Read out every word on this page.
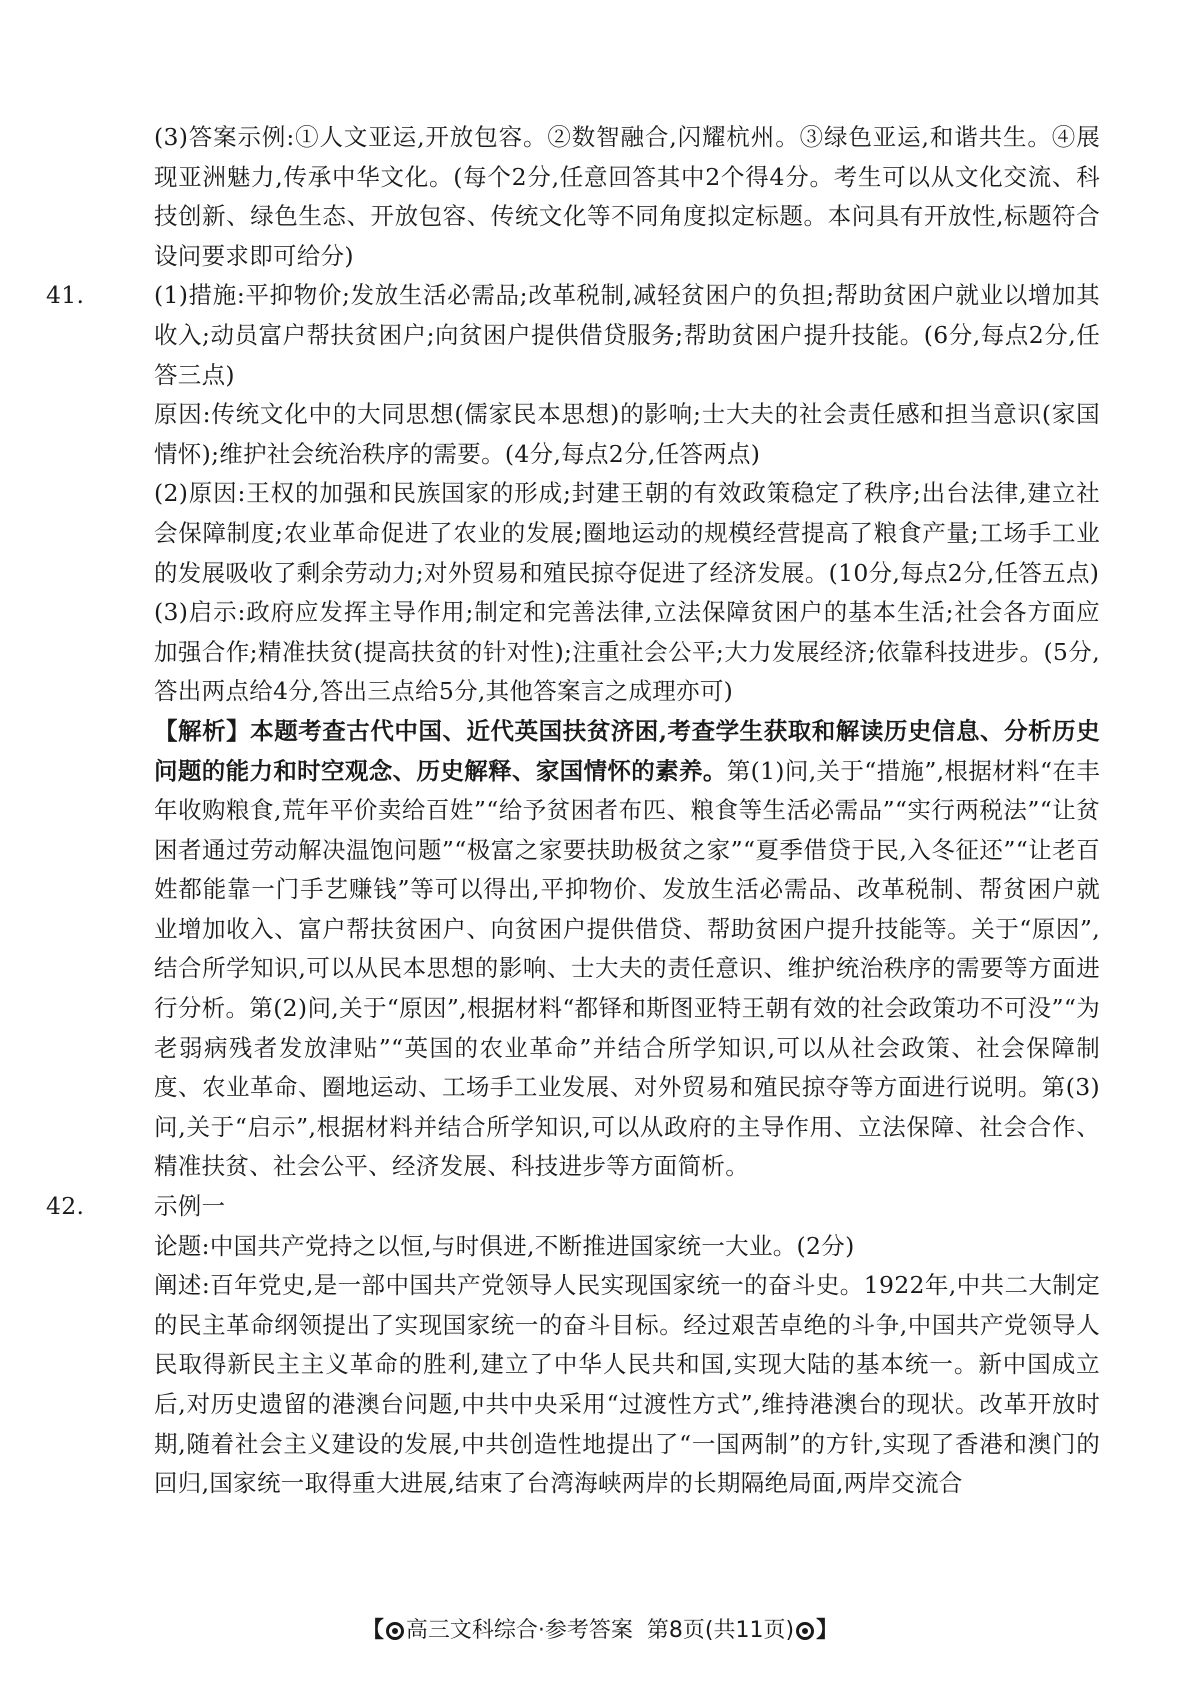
(3)答案示例:①人文亚运,开放包容。②数智融合,闪耀杭州。③绿色亚运,和谐共生。④展现亚洲魅力,传承中华文化。(每个2分,任意回答其中2个得4分。考生可以从文化交流、科技创新、绿色生态、开放包容、传统文化等不同角度拟定标题。本问具有开放性,标题符合设问要求即可给分)
41.	(1)措施:平抑物价;发放生活必需品;改革税制,减轻贫困户的负担;帮助贫困户就业以增加其收入;动员富户帮扶贫困户;向贫困户提供借贷服务;帮助贫困户提升技能。(6分,每点2分,任答三点)
原因:传统文化中的大同思想(儒家民本思想)的影响;士大夫的社会责任感和担当意识(家国情怀);维护社会统治秩序的需要。(4分,每点2分,任答两点)
(2)原因:王权的加强和民族国家的形成;封建王朝的有效政策稳定了秩序;出台法律,建立社会保障制度;农业革命促进了农业的发展;圈地运动的规模经营提高了粮食产量;工场手工业的发展吸收了剩余劳动力;对外贸易和殖民掠夺促进了经济发展。(10分,每点2分,任答五点)
(3)启示:政府应发挥主导作用;制定和完善法律,立法保障贫困户的基本生活;社会各方面应加强合作;精准扶贫(提高扶贫的针对性);注重社会公平;大力发展经济;依靠科技进步。(5分,答出两点给4分,答出三点给5分,其他答案言之成理亦可)
【解析】本题考查古代中国、近代英国扶贫济困,考查学生获取和解读历史信息、分析历史问题的能力和时空观念、历史解释、家国情怀的素养。第(1)问,关于“措施”,根据材料“在丰年收购粮食,荒年平价卖给百姓”“给予贫困者布匹、粮食等生活必需品”“实行两税法”“让贫困者通过劳动解决温饱问题”“极富之家要扶助极贫之家”“夏季借贷于民,入冬征还”“让老百姓都能靠一门手艺赚钱”等可以得出,平抑物价、发放生活必需品、改革税制、帮贫困户就业增加收入、富户帮扶贫困户、向贫困户提供借贷、帮助贫困户提升技能等。关于“原因”,结合所学知识,可以从民本思想的影响、士大夫的责任意识、维护统治秩序的需要等方面进行分析。第(2)问,关于“原因”,根据材料“都铎和斯图亚特王朝有效的社会政策功不可没”“为老弱病残者发放津贴”“英国的农业革命”并结合所学知识,可以从社会政策、社会保障制度、农业革命、圈地运动、工场手工业发展、对外贸易和殖民掠夺等方面进行说明。第(3)问,关于“启示”,根据材料并结合所学知识,可以从政府的主导作用、立法保障、社会合作、精准扶贫、社会公平、经济发展、科技进步等方面简析。
42.	示例一
论题:中国共产党持之以恒,与时俱进,不断推进国家统一大业。(2分)
阐述:百年党史,是一部中国共产党领导人民实现国家统一的奋斗史。1922年,中共二大制定的民主革命纲领提出了实现国家统一的奋斗目标。经过艰苦卓绝的斗争,中国共产党领导人民取得新民主主义革命的胜利,建立了中华人民共和国,实现大陆的基本统一。新中国成立后,对历史遗留的港澳台问题,中共中央采用“过渡性方式”,维持港澳台的现状。改革开放时期,随着社会主义建设的发展,中共创造性地提出了“一国两制”的方针,实现了香港和澳门的回归,国家统一取得重大进展,结束了台湾海峡两岸的长期隔绝局面,两岸交流合
【 高三文科综合·参考答案 第8页(共11页) 】
